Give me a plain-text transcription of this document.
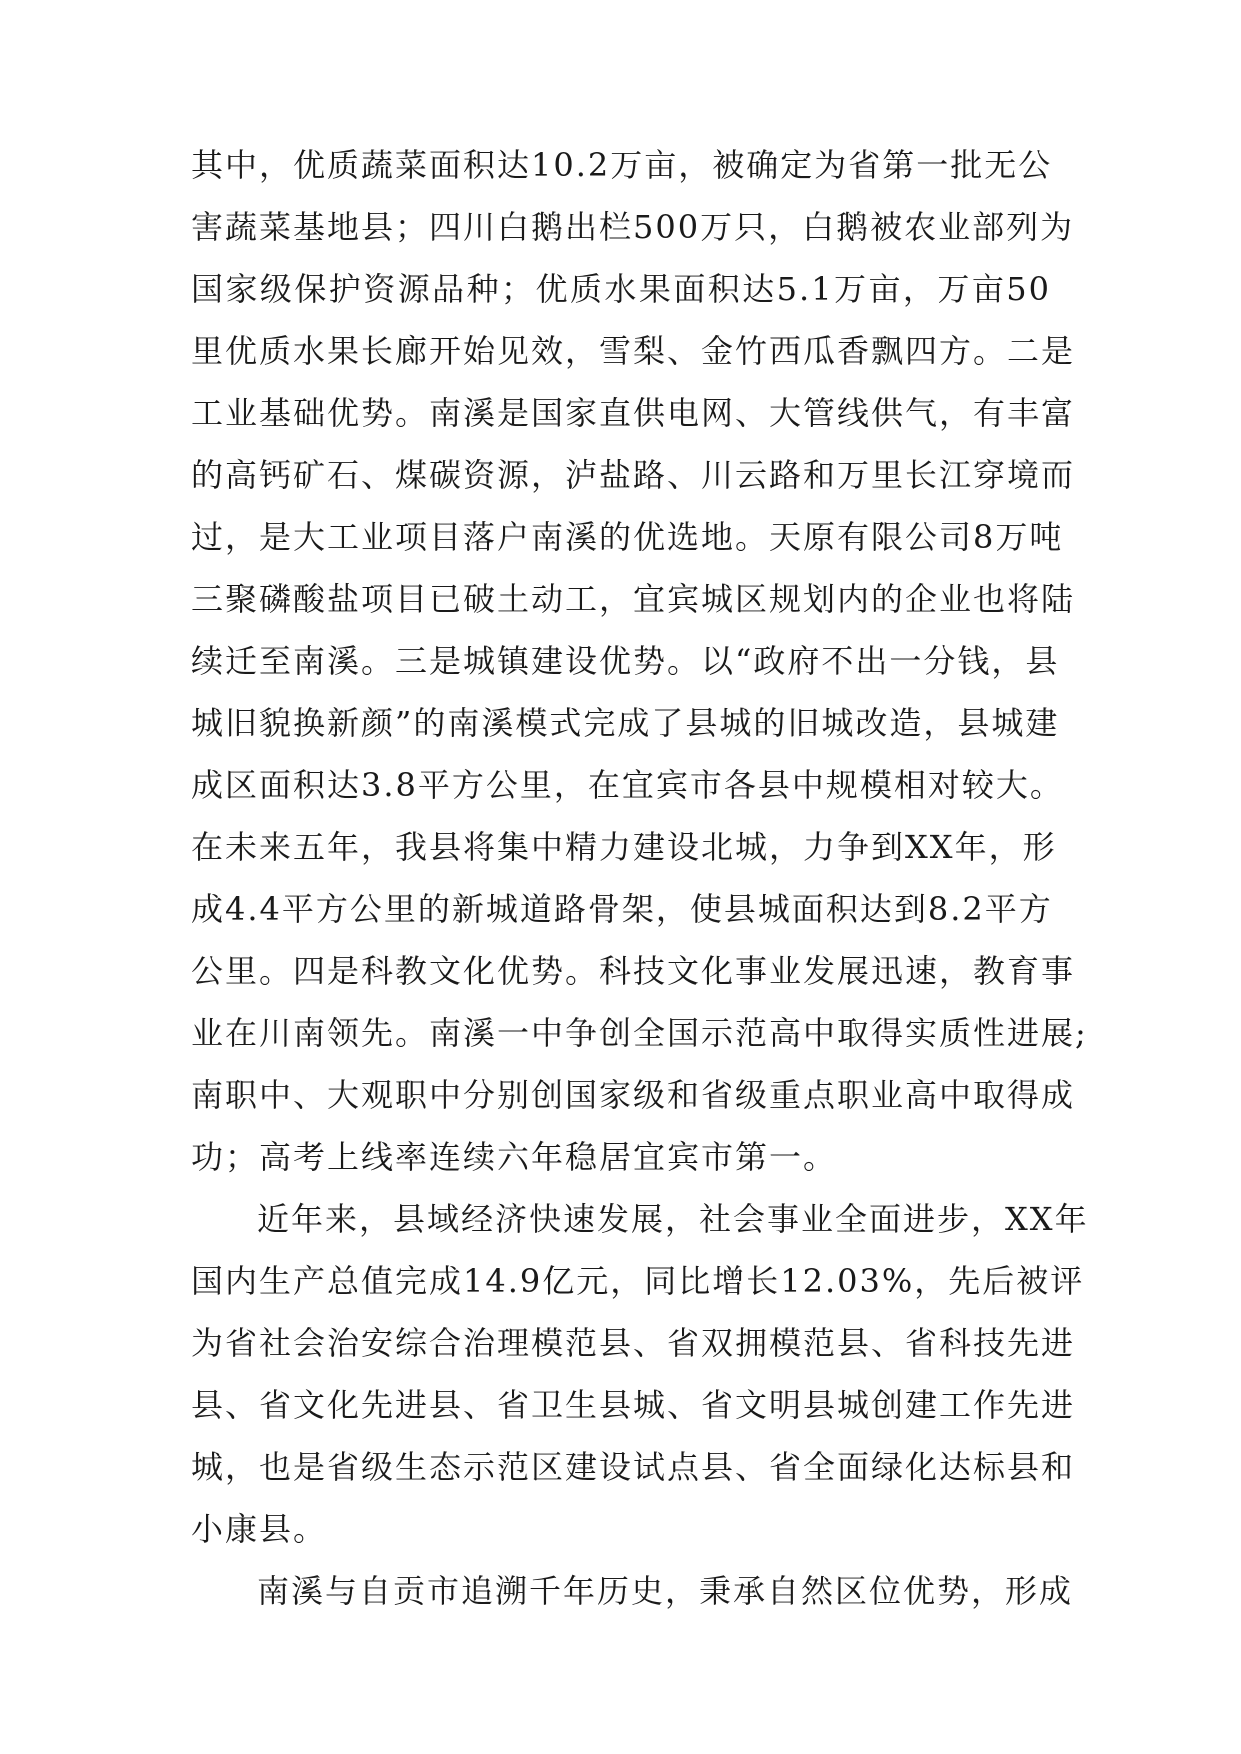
其中，优质蔬菜面积达10.2万亩，被确定为省第一批无公
害蔬菜基地县；四川白鹅出栏500万只，白鹅被农业部列为
国家级保护资源品种；优质水果面积达5.1万亩，万亩50
里优质水果长廊开始见效，雪梨、金竹西瓜香飘四方。二是
工业基础优势。南溪是国家直供电网、大管线供气，有丰富
的高钙矿石、煤碳资源，泸盐路、川云路和万里长江穿境而
过，是大工业项目落户南溪的优选地。天原有限公司8万吨
三聚磷酸盐项目已破土动工，宜宾城区规划内的企业也将陆
续迁至南溪。三是城镇建设优势。以“政府不出一分钱，县
城旧貌换新颜”的南溪模式完成了县城的旧城改造，县城建
成区面积达3.8平方公里，在宜宾市各县中规模相对较大。
在未来五年，我县将集中精力建设北城，力争到XX年，形
成4.4平方公里的新城道路骨架，使县城面积达到8.2平方
公里。四是科教文化优势。科技文化事业发展迅速，教育事
业在川南领先。南溪一中争创全国示范高中取得实质性进展;
南职中、大观职中分别创国家级和省级重点职业高中取得成
功；高考上线率连续六年稳居宜宾市第一。
近年来，县域经济快速发展，社会事业全面进步，XX年
国内生产总值完成14.9亿元，同比增长12.03%，先后被评
为省社会治安综合治理模范县、省双拥模范县、省科技先进
县、省文化先进县、省卫生县城、省文明县城创建工作先进
城，也是省级生态示范区建设试点县、省全面绿化达标县和
小康县。
南溪与自贡市追溯千年历史，秉承自然区位优势，形成
